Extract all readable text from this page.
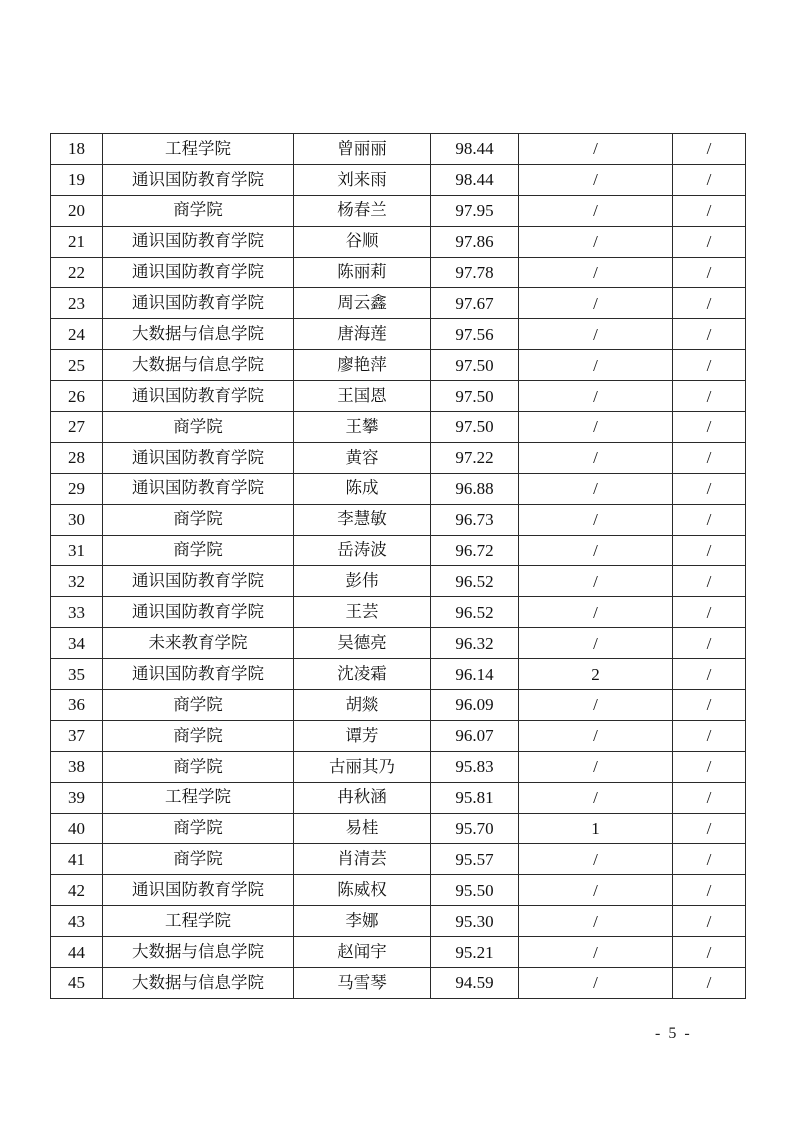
18	工程学院	曾丽丽	98.44	/	/
19	通识国防教育学院	刘来雨	98.44	/	/
20	商学院	杨春兰	97.95	/	/
21	通识国防教育学院	谷顺	97.86	/	/
22	通识国防教育学院	陈丽莉	97.78	/	/
23	通识国防教育学院	周云鑫	97.67	/	/
24	大数据与信息学院	唐海莲	97.56	/	/
25	大数据与信息学院	廖艳萍	97.50	/	/
26	通识国防教育学院	王国恩	97.50	/	/
27	商学院	王攀	97.50	/	/
28	通识国防教育学院	黄容	97.22	/	/
29	通识国防教育学院	陈成	96.88	/	/
30	商学院	李慧敏	96.73	/	/
31	商学院	岳涛波	96.72	/	/
32	通识国防教育学院	彭伟	96.52	/	/
33	通识国防教育学院	王芸	96.52	/	/
34	未来教育学院	吴德亮	96.32	/	/
35	通识国防教育学院	沈凌霜	96.14	2	/
36	商学院	胡燚	96.09	/	/
37	商学院	谭芳	96.07	/	/
38	商学院	古丽其乃	95.83	/	/
39	工程学院	冉秋涵	95.81	/	/
40	商学院	易桂	95.70	1	/
41	商学院	肖清芸	95.57	/	/
42	通识国防教育学院	陈威权	95.50	/	/
43	工程学院	李娜	95.30	/	/
44	大数据与信息学院	赵闻宇	95.21	/	/
45	大数据与信息学院	马雪琴	94.59	/	/
- 5 -
